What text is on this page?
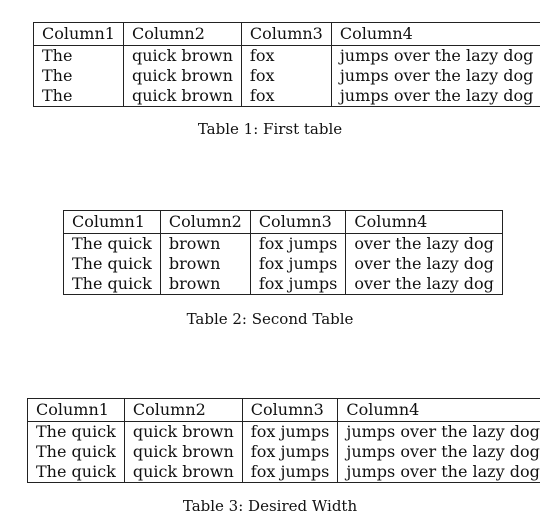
Column1	Column2	Column3	Column4
The	quick brown	fox	jumps over the lazy dog
The	quick brown	fox	jumps over the lazy dog
The	quick brown	fox	jumps over the lazy dog
Table 1: First table
Column1	Column2	Column3	Column4
The quick	brown	fox jumps	over the lazy dog
The quick	brown	fox jumps	over the lazy dog
The quick	brown	fox jumps	over the lazy dog
Table 2: Second Table
Column1	Column2	Column3	Column4
The quick	quick brown	fox jumps	jumps over the lazy dog
The quick	quick brown	fox jumps	jumps over the lazy dog
The quick	quick brown	fox jumps	jumps over the lazy dog
Table 3: Desired Width
